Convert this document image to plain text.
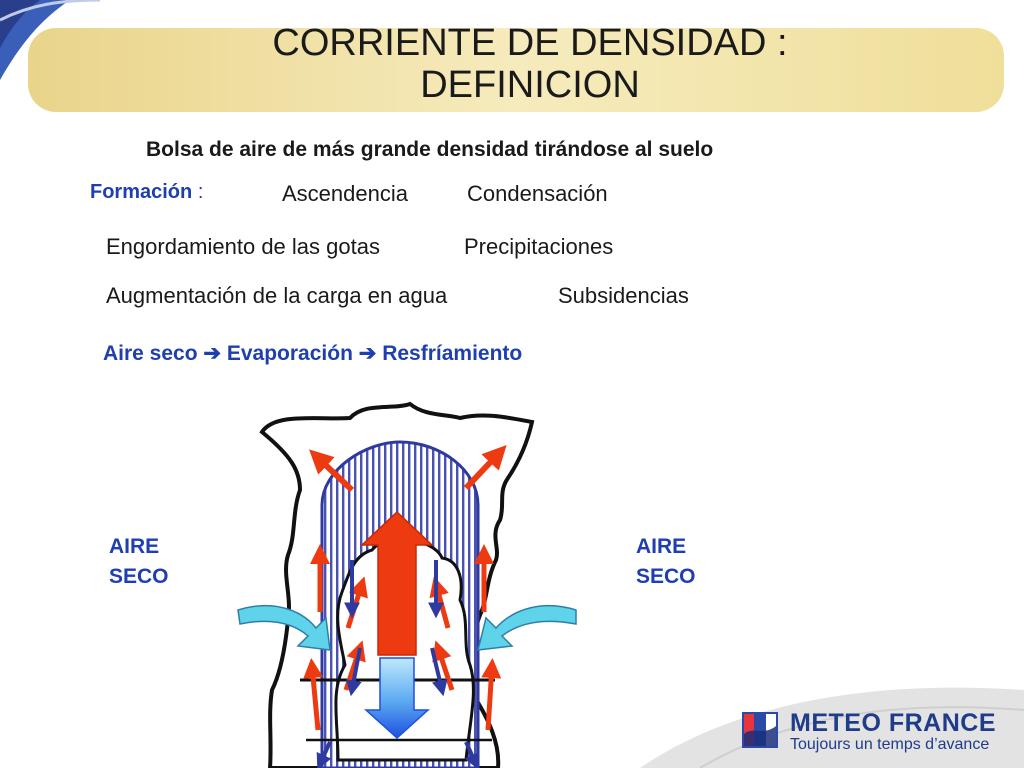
CORRIENTE DE DENSIDAD :
DEFINICION
Bolsa de aire de más grande densidad tirándose al suelo
Formación :	Ascendencia	Condensación
Engordamiento de las gotas	Precipitaciones
Augmentación de la carga en agua	Subsidencias
Aire seco ➔ Evaporación ➔ Resfríamiento
AIRE
SECO
AIRE
SECO
METEO FRANCE
Toujours un temps d’avance
